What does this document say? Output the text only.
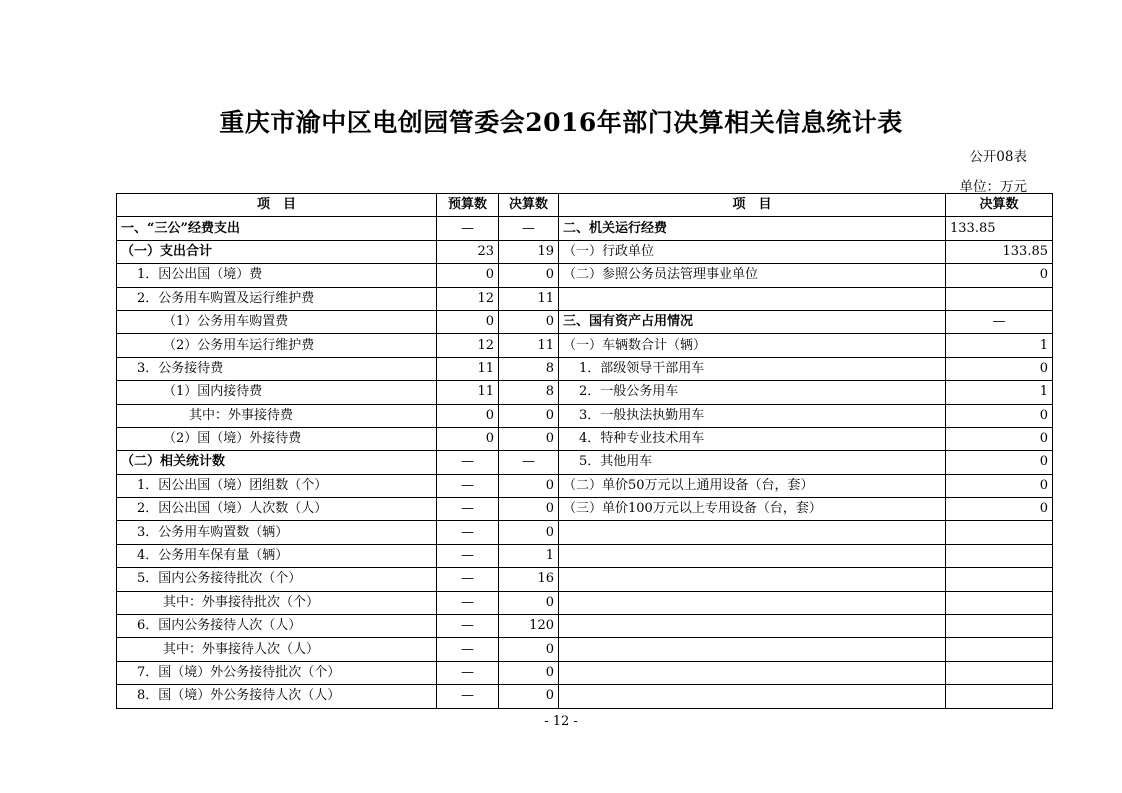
重庆市渝中区电创园管委会2016年部门决算相关信息统计表
公开08表
单位：万元
项　目	预算数	决算数	项　目	决算数
一、“三公”经费支出	—	—	二、机关运行经费	133.85
（一）支出合计	23	19	（一）行政单位	133.85
1．因公出国（境）费	0	0	（二）参照公务员法管理事业单位	0
2．公务用车购置及运行维护费	12	11		
（1）公务用车购置费	0	0	三、国有资产占用情况	—
（2）公务用车运行维护费	12	11	（一）车辆数合计（辆）	1
3．公务接待费	11	8	1．部级领导干部用车	0
（1）国内接待费	11	8	2．一般公务用车	1
其中：外事接待费	0	0	3．一般执法执勤用车	0
（2）国（境）外接待费	0	0	4．特种专业技术用车	0
（二）相关统计数	—	—	5．其他用车	0
1．因公出国（境）团组数（个）	—	0	（二）单价50万元以上通用设备（台，套）	0
2．因公出国（境）人次数（人）	—	0	（三）单价100万元以上专用设备（台，套）	0
3．公务用车购置数（辆）	—	0		
4．公务用车保有量（辆）	—	1		
5．国内公务接待批次（个）	—	16		
其中：外事接待批次（个）	—	0		
6．国内公务接待人次（人）	—	120		
其中：外事接待人次（人）	—	0		
7．国（境）外公务接待批次（个）	—	0		
8．国（境）外公务接待人次（人）	—	0		
- 12 -
